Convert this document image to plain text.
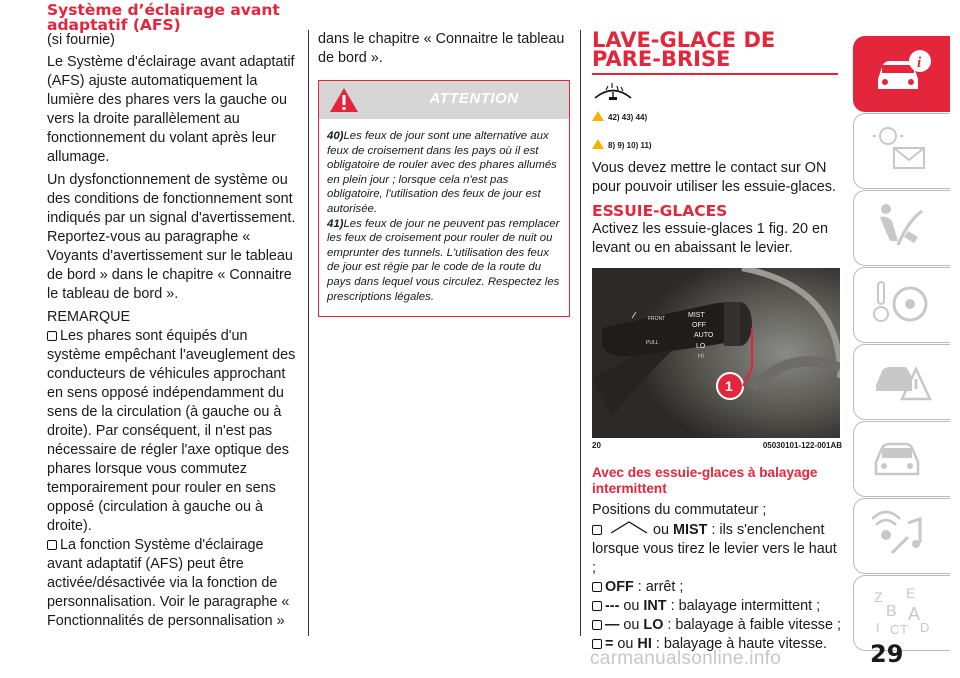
Système d’éclairage avant adaptatif (AFS)

(si fournie)

Le Système d'éclairage avant adaptatif (AFS) ajuste automatiquement la lumière des phares vers la gauche ou vers la droite parallèlement au fonctionnement du volant après leur allumage.

Un dysfonctionnement de système ou des conditions de fonctionnement sont indiqués par un signal d'avertissement. Reportez-vous au paragraphe « Voyants d'avertissement sur le tableau de bord » dans le chapitre « Connaitre le tableau de bord ».

REMARQUE

Les phares sont équipés d'un système empêchant l'aveuglement des conducteurs de véhicules approchant en sens opposé indépendamment du sens de la circulation (à gauche ou à droite). Par conséquent, il n'est pas nécessaire de régler l'axe optique des phares lorsque vous commutez temporairement pour rouler en sens opposé (circulation à gauche ou à droite).

La fonction Système d'éclairage avant adaptatif (AFS) peut être activée/désactivée via la fonction de personnalisation. Voir le paragraphe « Fonctionnalités de personnalisation »

dans le chapitre « Connaitre le tableau de bord ».

ATTENTION
40)Les feux de jour sont une alternative aux feux de croisement dans les pays où il est obligatoire de rouler avec des phares allumés en plein jour ; lorsque cela n'est pas obligatoire, l'utilisation des feux de jour est autorisée.
41)Les feux de jour ne peuvent pas remplacer les feux de croisement pour rouler de nuit ou emprunter des tunnels. L'utilisation des feux de jour est régie par le code de la route du pays dans lequel vous circulez. Respectez les prescriptions légales.
LAVE-GLACE DE PARE-BRISE
42) 43) 44)
8) 9) 10) 11)

Vous devez mettre le contact sur ON pour pouvoir utiliser les essuie-glaces.

ESSUIE-GLACES

Activez les essuie-glaces 1 fig. 20 en levant ou en abaissant le levier.

FRONT
PULL
MIST
OFF
AUTO
LO
HI
1
20	05030101-122-001AB
Avec des essuie-glaces à balayage intermittent

Positions du commutateur ;

ou MIST : ils s'enclenchent lorsque vous tirez le levier vers le haut ;

OFF : arrêt ;

--- ou INT : balayage intermittent ;

— ou LO : balayage à faible vitesse ;

= ou HI : balayage à haute vitesse.

i
Z E
B A
I C T D
29
carmanualsonline.info
